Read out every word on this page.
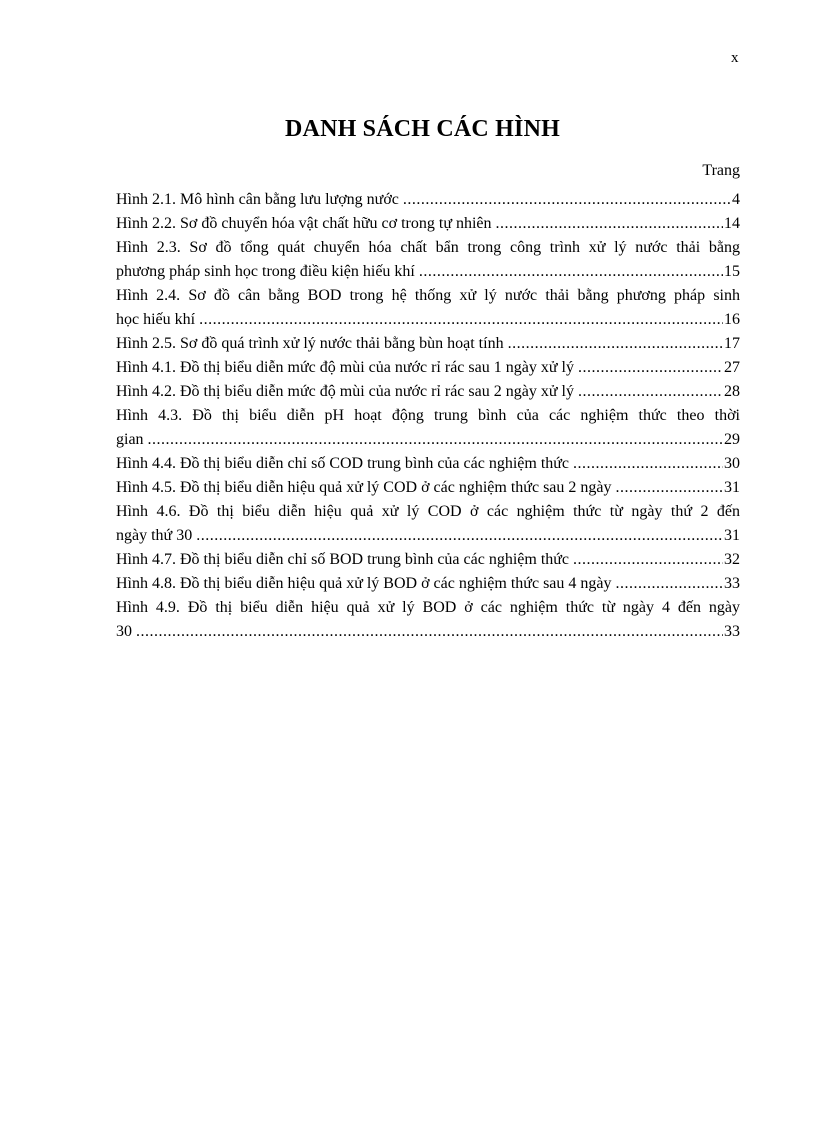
x
DANH SÁCH CÁC HÌNH
Trang
Hình 2.1. Mô hình cân bằng lưu lượng nước .....	4
Hình 2.2. Sơ đồ chuyển hóa vật chất hữu cơ trong tự nhiên .....	14
Hình 2.3. Sơ đồ tổng quát chuyển hóa chất bẩn trong công trình xử lý nước thải bằng
phương pháp sinh học trong điều kiện hiếu khí .....	15
Hình 2.4. Sơ đồ cân bằng BOD trong hệ thống xử lý nước thải bằng phương pháp sinh
học hiếu khí .....	16
Hình 2.5. Sơ đồ quá trình xử lý nước thải bằng bùn hoạt tính .....	17
Hình 4.1. Đồ thị biểu diễn mức độ mùi của nước rỉ rác sau 1 ngày xử lý .....	27
Hình 4.2. Đồ thị biểu diễn mức độ mùi của nước rỉ rác sau 2 ngày xử lý .....	28
Hình 4.3. Đồ thị biểu diễn pH hoạt động trung bình của các nghiệm thức theo thời
gian .....	29
Hình 4.4. Đồ thị biểu diễn chỉ số COD trung bình của các nghiệm thức .....	30
Hình 4.5. Đồ thị biểu diễn hiệu quả xử lý COD ở các nghiệm thức sau 2 ngày .....	31
Hình 4.6. Đồ thị biểu diễn hiệu quả xử lý COD ở các nghiệm thức từ ngày thứ 2 đến
ngày thứ 30 .....	31
Hình 4.7. Đồ thị biểu diễn chỉ số BOD trung bình của các nghiệm thức .....	32
Hình 4.8. Đồ thị biểu diễn hiệu quả xử lý BOD ở các nghiệm thức sau 4 ngày .....	33
Hình 4.9. Đồ thị biểu diễn hiệu quả xử lý BOD ở các nghiệm thức từ ngày 4 đến ngày
30 .....	33
